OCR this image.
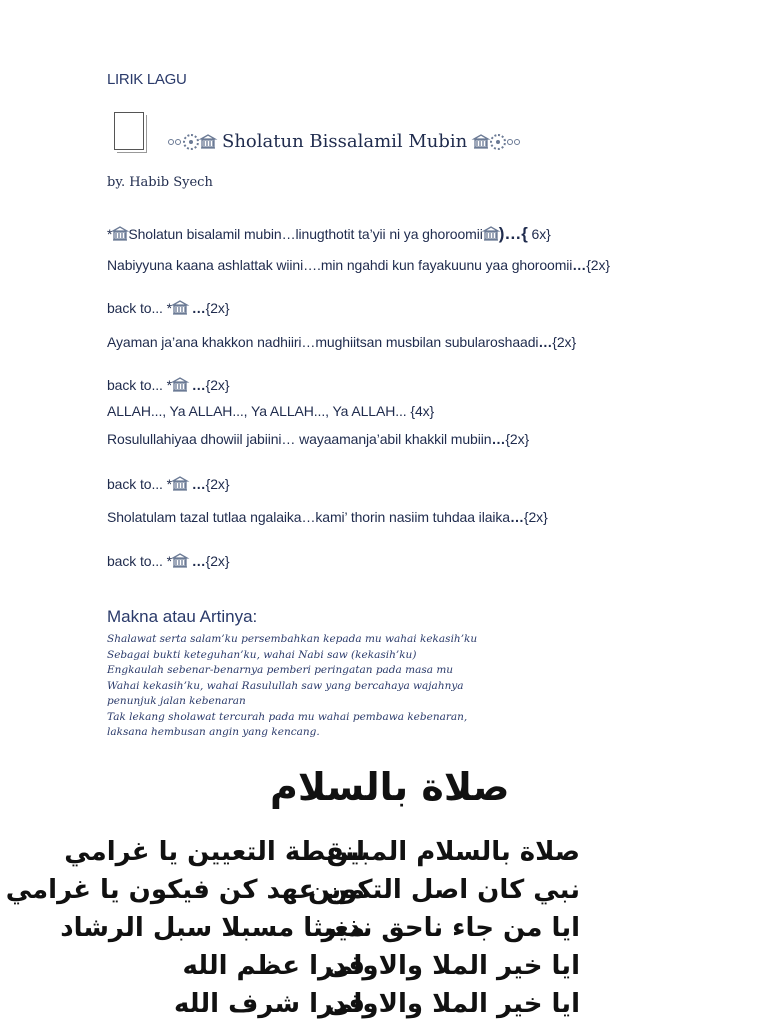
LIRIK LAGU
Sholatun Bissalamil Mubin
by. Habib Syech
* Sholatun bisalamil mubin…linugthotit ta’yii ni ya ghoroomii )…{ 6x}
Nabiyyuna kaana ashlattak wiini….min ngahdi kun fayakuunu yaa ghoroomii…{2x}
back to... * …{2x}
Ayaman ja’ana khakkon nadhiiri…mughiitsan musbilan subularoshaadi…{2x}
back to... * …{2x}
ALLAH..., Ya ALLAH..., Ya ALLAH..., Ya ALLAH... {4x}
Rosulullahiyaa dhowiil jabiini… wayaamanja’abil khakkil mubiin…{2x}
back to... * …{2x}
Sholatulam tazal tutlaa ngalaika…kami’ thorin nasiim tuhdaa ilaika…{2x}
back to... * …{2x}
Makna atau Artinya:
Shalawat serta salam’ku persembahkan kepada mu wahai kekasih’ku
Sebagai bukti keteguhan’ku, wahai Nabi saw (kekasih’ku)
Engkaulah sebenar-benarnya pemberi peringatan pada masa mu
Wahai kekasih’ku, wahai Rasulullah saw yang bercahaya wajahnya
penunjuk jalan kebenaran
Tak lekang sholawat tercurah pada mu wahai pembawa kebenaran,
laksana hembusan angin yang kencang.
صلاة بالسلام
صلاة بالسلام المبين
نبي كان اصل التكوين
ايا من جاء ناحق نذير
ايا خير الملا والاولى
ايا خير الملا والاولى
لنقطة التعيين يا غرامي
من عهد كن فيكون يا غرامي
مغيثا مسبلا سبل الرشاد
قدرا عظم الله
قدرا شرف الله
